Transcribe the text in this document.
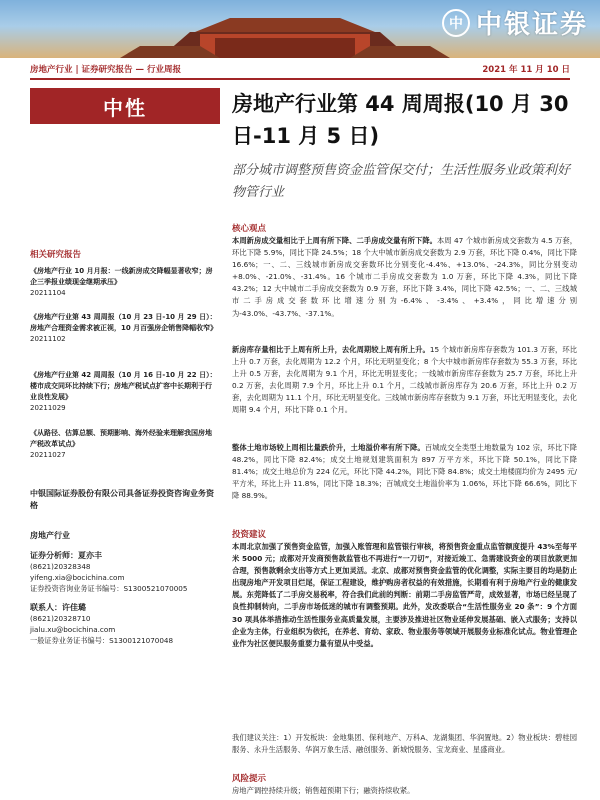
中 中银证券
房地产行业 | 证券研究报告 — 行业周报	2021 年 11 月 10 日
中性
相关研究报告
《房地产行业 10 月月报：一线新房成交降幅显著收窄；房企三季报业绩现金继期承压》
20211104
《房地产行业第 43 周周报（10 月 23 日-10 月 29 日）：房地产合理资金需求被正视，10 月百强房企销售降幅收窄》
20211102
《房地产行业第 42 周周报（10 月 16 日-10 月 22 日）：楼市成交同环比持续下行；房地产税试点扩容中长期利于行业良性发展》
20211029
《从路径、估算总额、预期影响、海外经验来理解我国房地产税改革试点》
20211027
中银国际证券股份有限公司具备证券投资咨询业务资格
房地产行业
证券分析师：夏亦丰
(8621)20328348
yifeng.xia@bocichina.com
证券投资咨询业务证书编号：S1300521070005
联系人：许佳璐
(8621)20328710
jialu.xu@bocichina.com
一般证券业务证书编号：S1300121070048
房地产行业第 44 周周报(10 月 30 日-11 月 5 日)
部分城市调整预售资金监管保交付；生活性服务业政策利好物管行业
核心观点
本周新房成交量相比于上周有所下降、二手房成交量有所下降。本周 47 个城市新房成交套数为 4.5 万套，环比下降 5.9%，同比下降 24.5%；18 个大中城市新房成交套数为 2.9 万套，环比下降 0.4%，同比下降 16.6%；一、二、三线城市新房成交套数环比分别变化-4.4%、+13.0%、-24.3%，同比分别变动+8.0%、-21.0%、-31.4%。16 个城市二手房成交套数为 1.0 万套，环比下降 4.3%，同比下降 43.2%；12 大中城市二手房成交套数为 0.9 万套，环比下降 3.4%，同比下降 42.5%；一、二、三线城市二手房成交套数环比增速分别为-6.4%、-3.4%、+3.4%，同比增速分别为-43.0%、-43.7%、-37.1%。
新房库存量相比于上周有所上升，去化周期较上周有所上升。15 个城市新房库存套数为 101.3 万套，环比上升 0.7 万套，去化周期为 12.2 个月，环比无明显变化；8 个大中城市新房库存套数为 55.3 万套，环比上升 0.5 万套，去化周期为 9.1 个月，环比无明显变化；一线城市新房库存套数为 25.7 万套，环比上升 0.2 万套，去化周期 7.9 个月，环比上升 0.1 个月，二线城市新房库存为 20.6 万套，环比上升 0.2 万套，去化周期为 11.1 个月，环比无明显变化。三线城市新房库存套数为 9.1 万套，环比无明显变化，去化周期 9.4 个月，环比下降 0.1 个月。
整体土地市场较上周相比量跌价升，土地溢价率有所下降。百城成交全类型土地数量为 102 宗，环比下降 48.2%，同比下降 82.4%；成交土地规划建筑面积为 897 万平方米，环比下降 50.1%，同比下降 81.4%；成交土地总价为 224 亿元，环比下降 44.2%，同比下降 84.8%；成交土地楼面均价为 2495 元/平方米，环比上升 11.8%，同比下降 18.3%；百城成交土地溢价率为 1.06%，环比下降 66.6%，同比下降 88.9%。
投资建议
本周北京加强了预售资金监管，加强入账管理和监管银行审核，将预售资金重点监管额度提升 43%至每平米 5000 元；成都对开发商预售款监管也不再进行“一刀切”，对接近竣工、急需建设资金的项目放款更加合理，预售款剩余支出等方式上更加灵活。北京、成都对预售资金监管的优化调整，实际主要目的均是防止出现房地产开发项目烂尾，保证工程建设，维护购房者权益的有效措施，长期看有利于房地产行业的健康发展。东莞降低了二手房交易税率，符合我们此前的判断：前期二手房监管严苛，成效显著，市场已经呈现了良性抑制转向，二手房市场低迷的城市有调整预期。此外，发改委联合“生活性服务业 20 条”：9 个方面 30 项具体举措推动生活性服务业高质量发展，主要涉及推进社区物业延伸发展基础、嵌入式服务；支持以企业为主体，行业组织为依托，在养老、育幼、家政、物业服务等领域开展服务业标准化试点。物业管理企业作为社区便民服务重要力量有望从中受益。
我们建议关注：1）开发板块：金地集团、保利地产、万科A、龙湖集团、华润置地。2）物业板块：碧桂园服务、永升生活服务、华润万象生活、融创服务、新城悦服务、宝龙商业、星盛商业。
风险提示
房地产调控持续升级；销售超预期下行；融资持续收紧。
